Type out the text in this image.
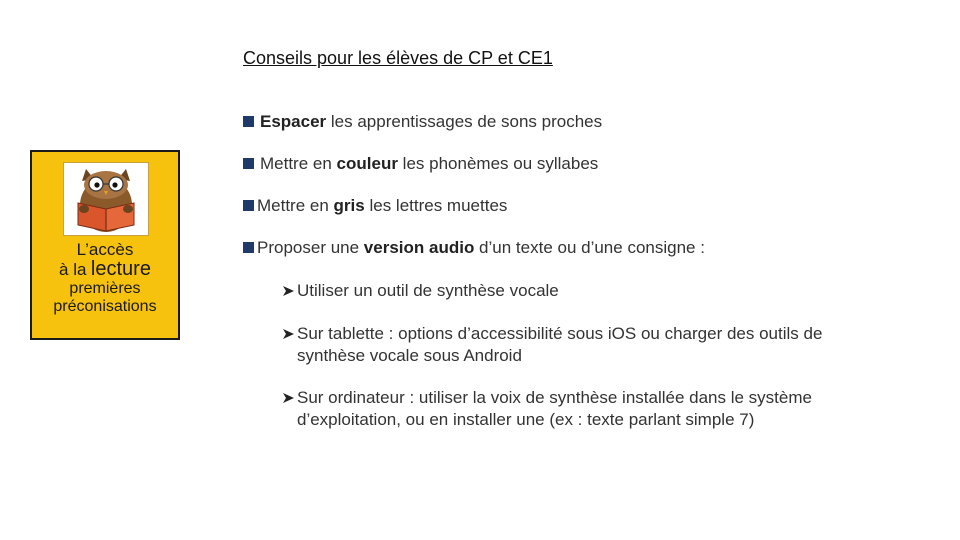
Conseils pour les élèves de CP et CE1
Espacer les apprentissages de sons proches
Mettre en couleur les phonèmes ou syllabes
Mettre en gris les lettres muettes
Proposer une version audio d’un texte ou d’une consigne :
Utiliser un outil de synthèse vocale
Sur tablette : options d’accessibilité sous iOS ou charger des outils de
synthèse vocale sous Android
Sur ordinateur : utiliser la voix de synthèse installée dans le système
d’exploitation, ou en installer une (ex : texte parlant simple 7)
L’accès
à la lecture
premières
préconisations
